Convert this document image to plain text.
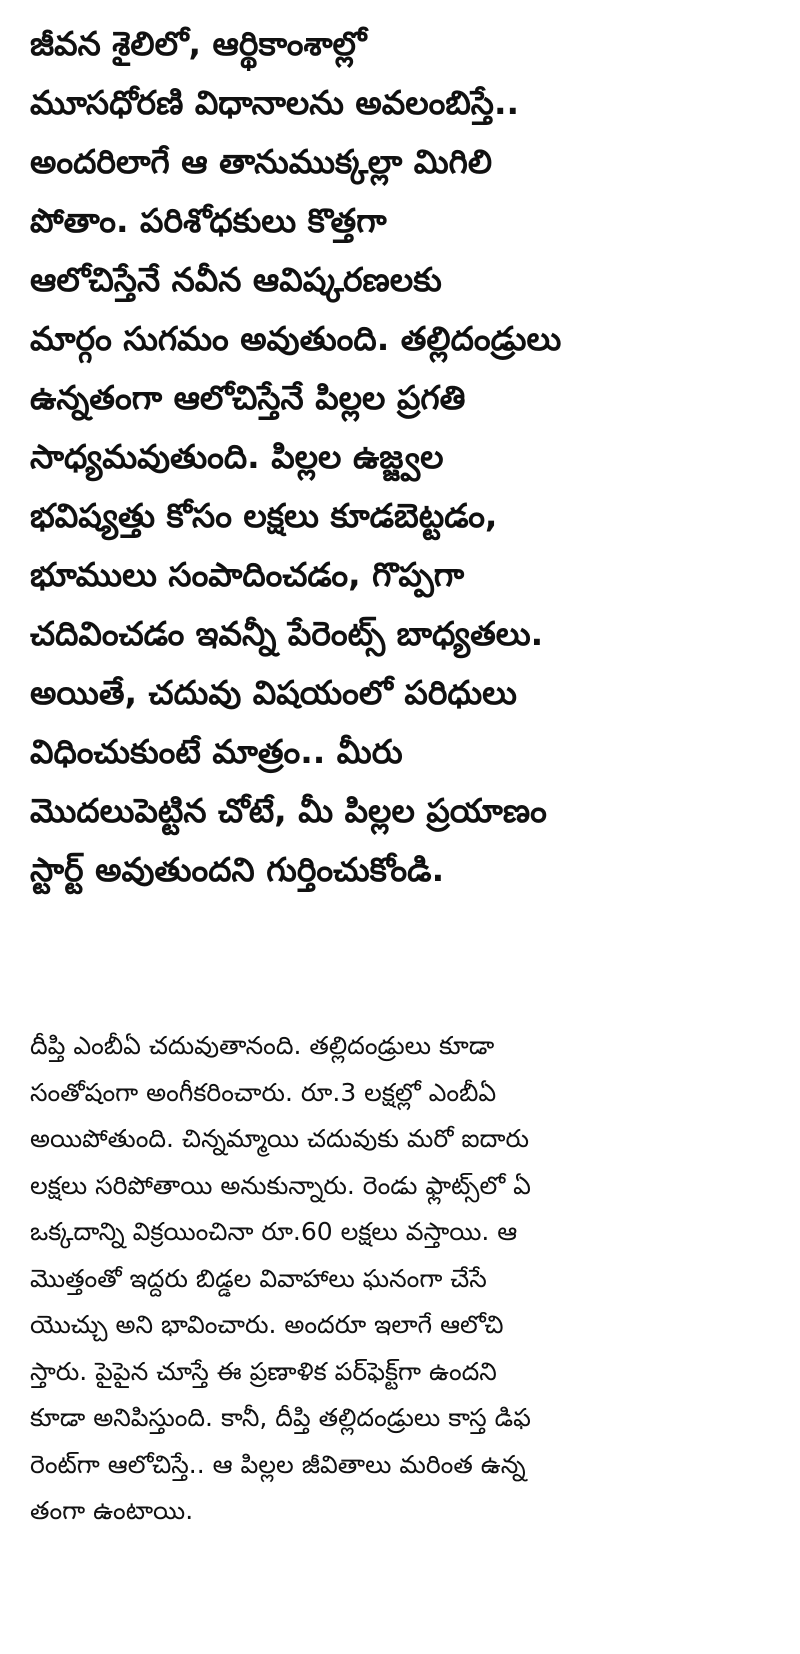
జీవన శైలిలో, ఆర్థికాంశాల్లో
మూసధోరణి విధానాలను అవలంబిస్తే..
అందరిలాగే ఆ తానుముక్కల్లా మిగిలి
పోతాం. పరిశోధకులు కొత్తగా
ఆలోచిస్తేనే నవీన ఆవిష్కరణలకు
మార్గం సుగమం అవుతుంది. తల్లిదండ్రులు
ఉన్నతంగా ఆలోచిస్తేనే పిల్లల ప్రగతి
సాధ్యమవుతుంది. పిల్లల ఉజ్జ్వల
భవిష్యత్తు కోసం లక్షలు కూడబెట్టడం,
భూములు సంపాదించడం, గొప్పగా
చదివించడం ఇవన్నీ పేరెంట్స్ బాధ్యతలు.
అయితే, చదువు విషయంలో పరిధులు
విధించుకుంటే మాత్రం.. మీరు
మొదలుపెట్టిన చోటే, మీ పిల్లల ప్రయాణం
స్టార్ట్ అవుతుందని గుర్తించుకోండి.
దీప్తి ఎంబీఏ చదువుతానంది. తల్లిదండ్రులు కూడా
సంతోషంగా అంగీకరించారు. రూ.3 లక్షల్లో ఎంబీఏ
అయిపోతుంది. చిన్నమ్మాయి చదువుకు మరో ఐదారు
లక్షలు సరిపోతాయి అనుకున్నారు. రెండు ఫ్లాట్స్‌లో ఏ
ఒక్కదాన్ని విక్రయించినా రూ.60 లక్షలు వస్తాయి. ఆ
మొత్తంతో ఇద్దరు బిడ్డల వివాహాలు ఘనంగా చేసే
యొచ్చు అని భావించారు. అందరూ ఇలాగే ఆలోచి
స్తారు. పైపైన చూస్తే ఈ ప్రణాళిక పర్‌ఫెక్ట్‌గా ఉందని
కూడా అనిపిస్తుంది. కానీ, దీప్తి తల్లిదండ్రులు కాస్త డిఫ
రెంట్‌గా ఆలోచిస్తే.. ఆ పిల్లల జీవితాలు మరింత ఉన్న
తంగా ఉంటాయి.
